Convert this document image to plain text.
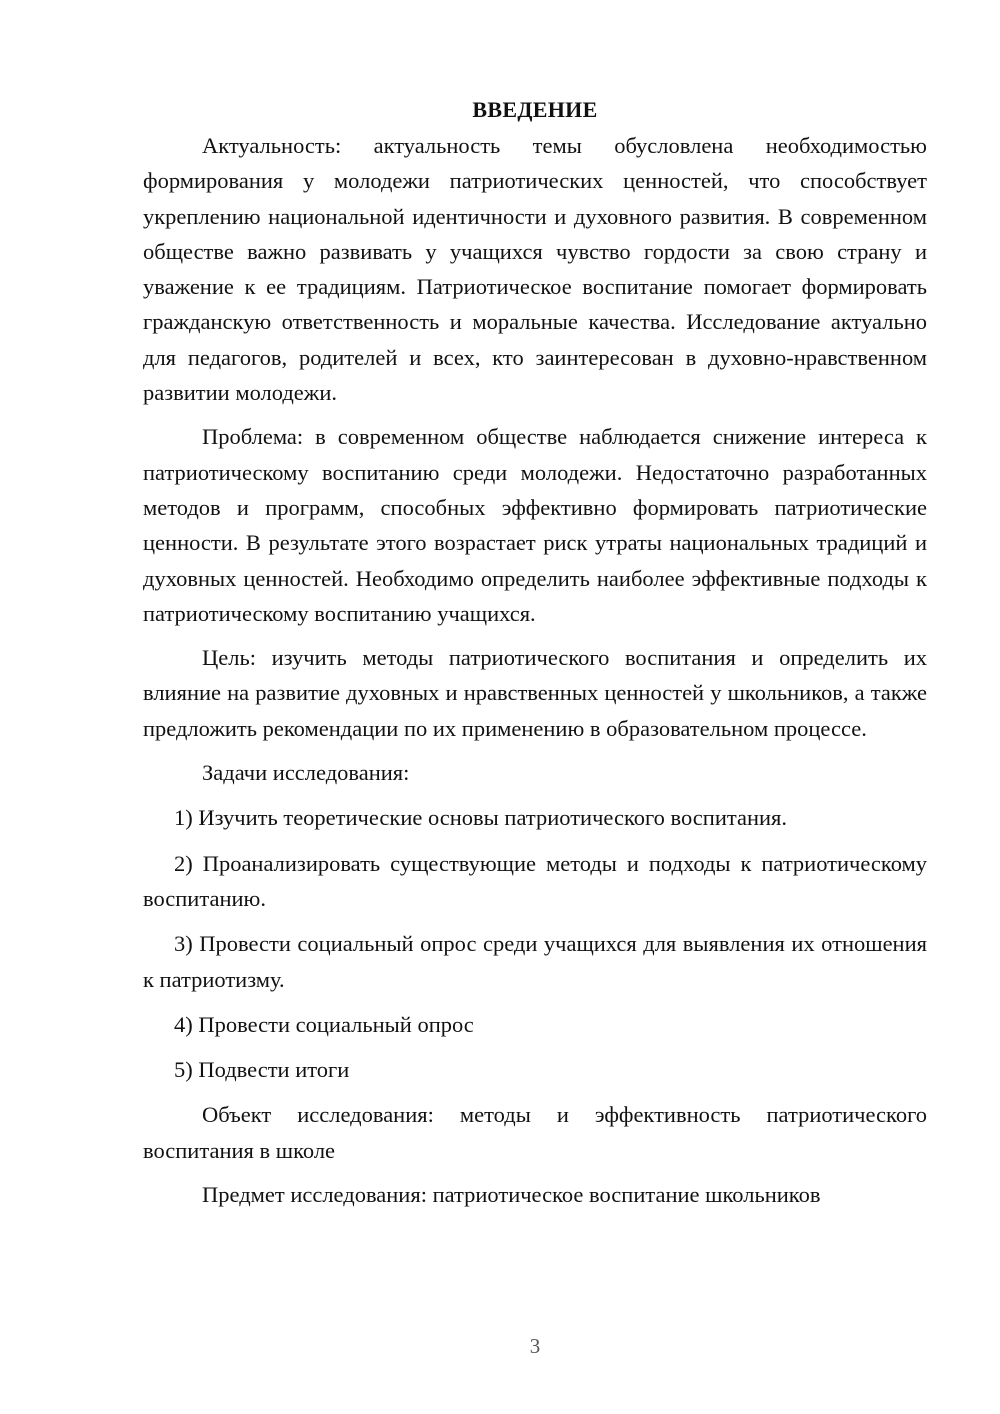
ВВЕДЕНИЕ

Актуальность: актуальность темы обусловлена необходимостью формирования у молодежи патриотических ценностей, что способствует укреплению национальной идентичности и духовного развития. В современном обществе важно развивать у учащихся чувство гордости за свою страну и уважение к ее традициям. Патриотическое воспитание помогает формировать гражданскую ответственность и моральные качества. Исследование актуально для педагогов, родителей и всех, кто заинтересован в духовно-нравственном развитии молодежи.

Проблема: в современном обществе наблюдается снижение интереса к патриотическому воспитанию среди молодежи. Недостаточно разработанных методов и программ, способных эффективно формировать патриотические ценности. В результате этого возрастает риск утраты национальных традиций и духовных ценностей. Необходимо определить наиболее эффективные подходы к патриотическому воспитанию учащихся.

Цель: изучить методы патриотического воспитания и определить их влияние на развитие духовных и нравственных ценностей у школьников, а также предложить рекомендации по их применению в образовательном процессе.

Задачи исследования:

1) Изучить теоретические основы патриотического воспитания.

2) Проанализировать существующие методы и подходы к патриотическому воспитанию.

3) Провести социальный опрос среди учащихся для выявления их отношения к патриотизму.

4) Провести социальный опрос

5) Подвести итоги

Объект исследования: методы и эффективность патриотического воспитания в школе

Предмет исследования: патриотическое воспитание школьников

3
